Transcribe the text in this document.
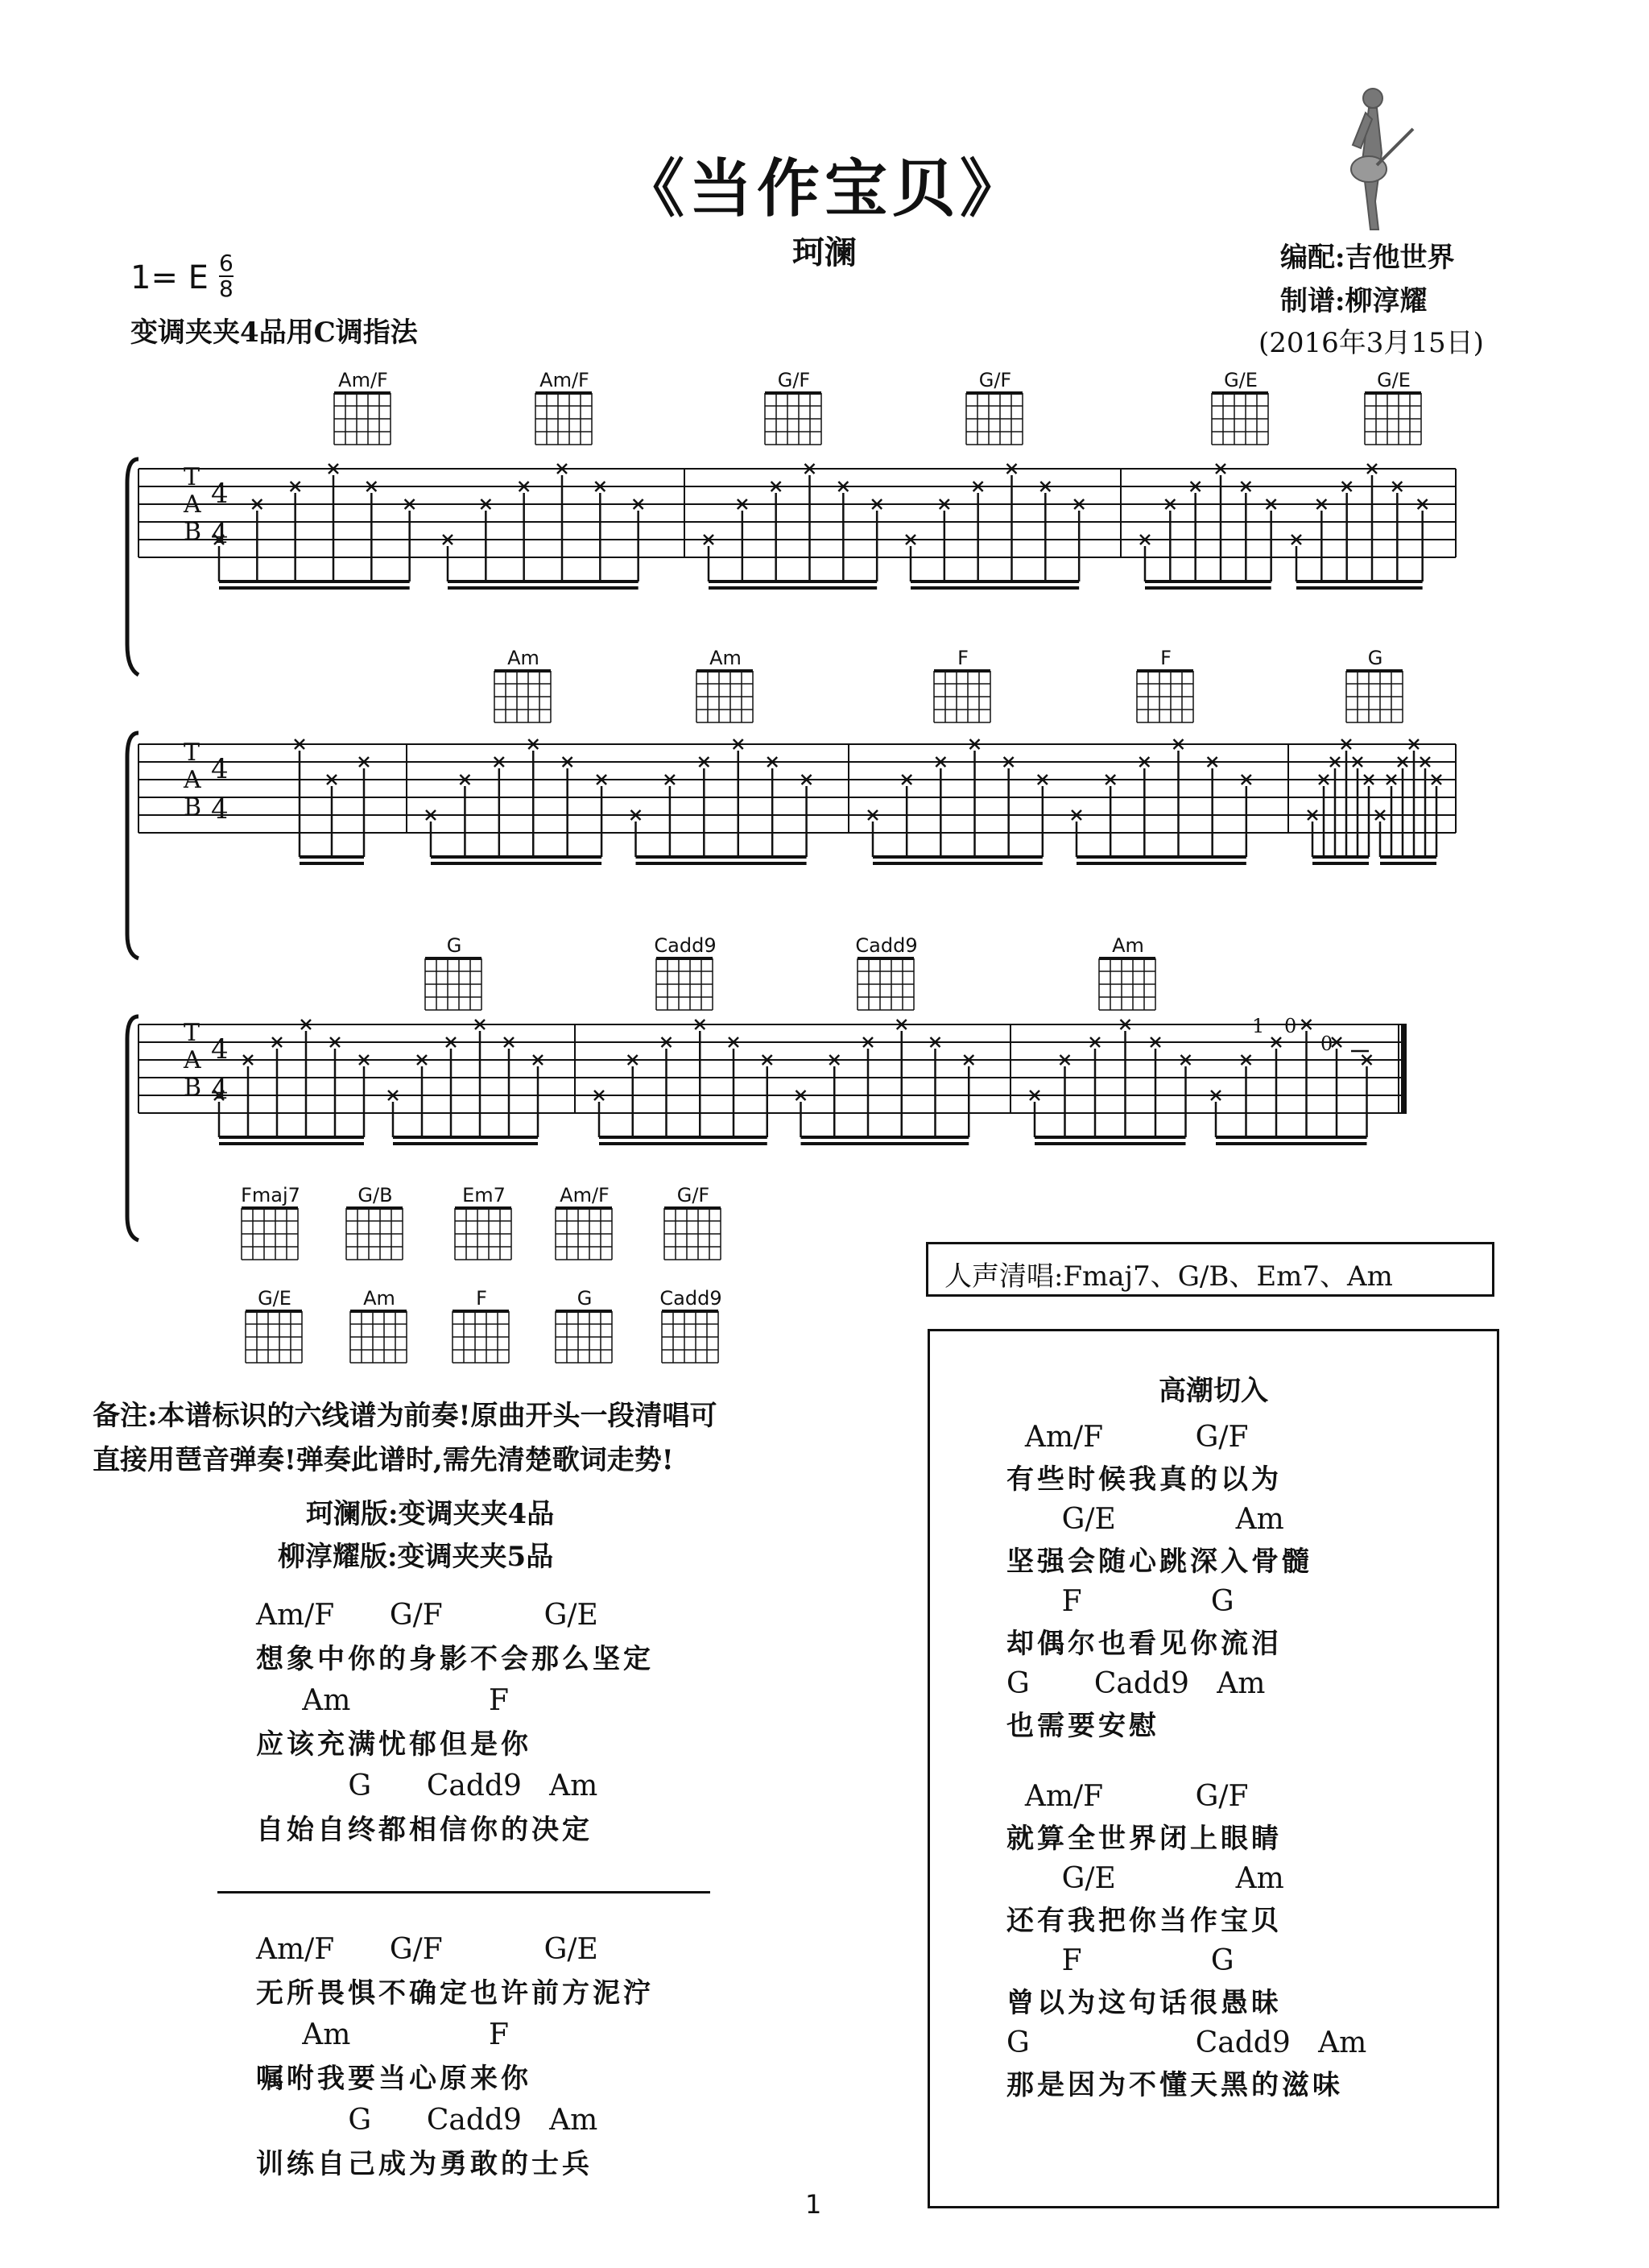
《当作宝贝》
珂澜
1= E $\frac{6}{8}$
变调夹夹4品用C调指法
编配:吉他世界
制谱:柳淳耀
(2016年3月15日)
T
A
B
4
4
T
A
B
4
4
T
A
B
4
4
1 0
0
Am/F	Am/F	G/F	G/F	G/E	G/E
Am	Am	F	F	G
G	Cadd9	Cadd9	Am
Fmaj7	G/B	Em7	Am/F	G/F
G/E	Am	F	G	Cadd9
备注:本谱标识的六线谱为前奏!原曲开头一段清唱可
直接用琶音弹奏!弹奏此谱时,需先清楚歌词走势!
珂澜版:变调夹夹4品
柳淳耀版:变调夹夹5品
Am/F      G/F           G/E
想象中你的身影不会那么坚定
Am               F
应该充满忧郁但是你
G      Cadd9   Am
自始自终都相信你的决定
Am/F      G/F           G/E
无所畏惧不确定也许前方泥泞
Am               F
嘱咐我要当心原来你
G      Cadd9   Am
训练自己成为勇敢的士兵
人声清唱:Fmaj7、G/B、Em7、Am
高潮切入
Am/F          G/F
有些时候我真的以为
G/E             Am
坚强会随心跳深入骨髓
F              G
却偶尔也看见你流泪
G       Cadd9   Am
也需要安慰
Am/F          G/F
就算全世界闭上眼睛
G/E             Am
还有我把你当作宝贝
F              G
曾以为这句话很愚昧
G                  Cadd9   Am
那是因为不懂天黑的滋味
1
